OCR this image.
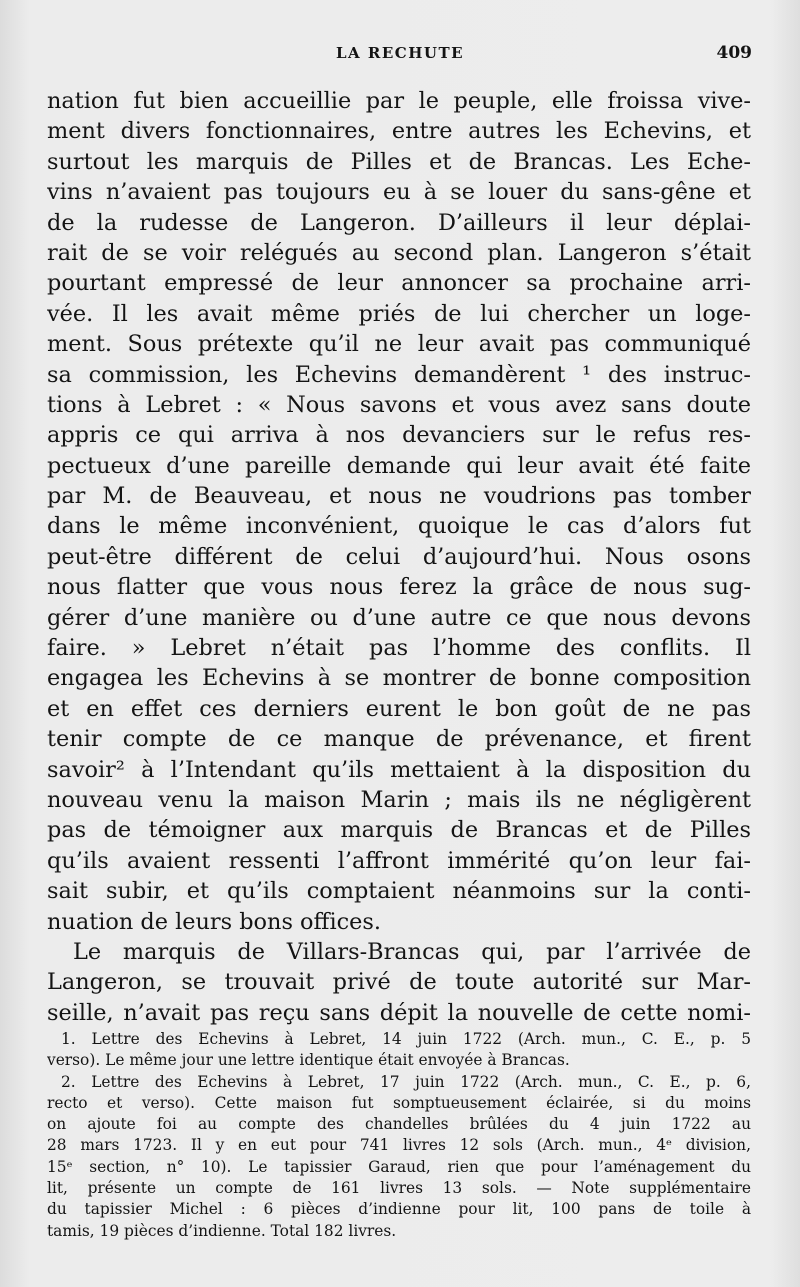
LA RECHUTE	409
nation fut bien accueillie par le peuple, elle froissa vive-
ment divers fonctionnaires, entre autres les Echevins, et
surtout les marquis de Pilles et de Brancas. Les Eche-
vins n’avaient pas toujours eu à se louer du sans-gêne et
de la rudesse de Langeron. D’ailleurs il leur déplai-
rait de se voir relégués au second plan. Langeron s’était
pourtant empressé de leur annoncer sa prochaine arri-
vée. Il les avait même priés de lui chercher un loge-
ment. Sous prétexte qu’il ne leur avait pas communiqué
sa commission, les Echevins demandèrent ¹ des instruc-
tions à Lebret : « Nous savons et vous avez sans doute
appris ce qui arriva à nos devanciers sur le refus res-
pectueux d’une pareille demande qui leur avait été faite
par M. de Beauveau, et nous ne voudrions pas tomber
dans le même inconvénient, quoique le cas d’alors fut
peut-être différent de celui d’aujourd’hui. Nous osons
nous flatter que vous nous ferez la grâce de nous sug-
gérer d’une manière ou d’une autre ce que nous devons
faire. » Lebret n’était pas l’homme des conflits. Il
engagea les Echevins à se montrer de bonne composition
et en effet ces derniers eurent le bon goût de ne pas
tenir compte de ce manque de prévenance, et firent
savoir² à l’Intendant qu’ils mettaient à la disposition du
nouveau venu la maison Marin ; mais ils ne négligèrent
pas de témoigner aux marquis de Brancas et de Pilles
qu’ils avaient ressenti l’affront immérité qu’on leur fai-
sait subir, et qu’ils comptaient néanmoins sur la conti-
nuation de leurs bons offices.
Le marquis de Villars-Brancas qui, par l’arrivée de
Langeron, se trouvait privé de toute autorité sur Mar-
seille, n’avait pas reçu sans dépit la nouvelle de cette nomi-
1. Lettre des Echevins à Lebret, 14 juin 1722 (Arch. mun., C. E., p. 5
verso). Le même jour une lettre identique était envoyée à Brancas.
2. Lettre des Echevins à Lebret, 17 juin 1722 (Arch. mun., C. E., p. 6,
recto et verso). Cette maison fut somptueusement éclairée, si du moins
on ajoute foi au compte des chandelles brûlées du 4 juin 1722 au
28 mars 1723. Il y en eut pour 741 livres 12 sols (Arch. mun., 4ᵉ division,
15ᵉ section, n° 10). Le tapissier Garaud, rien que pour l’aménagement du
lit, présente un compte de 161 livres 13 sols. — Note supplémentaire
du tapissier Michel : 6 pièces d’indienne pour lit, 100 pans de toile à
tamis, 19 pièces d’indienne. Total 182 livres.
